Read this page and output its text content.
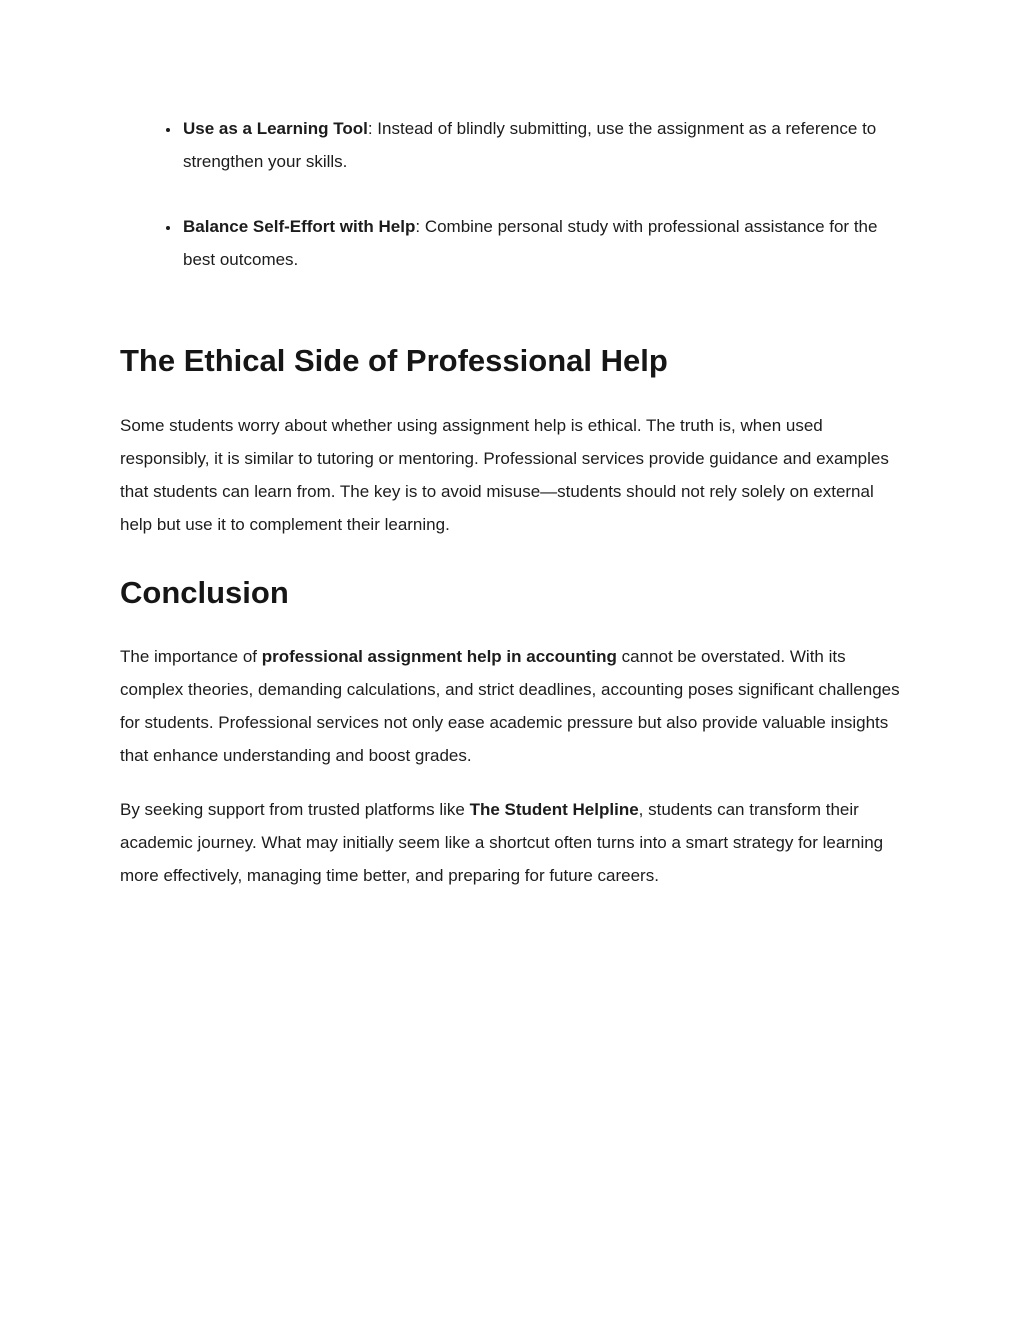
• Use as a Learning Tool: Instead of blindly submitting, use the assignment as a reference to strengthen your skills.
• Balance Self-Effort with Help: Combine personal study with professional assistance for the best outcomes.
The Ethical Side of Professional Help

Some students worry about whether using assignment help is ethical. The truth is, when used responsibly, it is similar to tutoring or mentoring. Professional services provide guidance and examples that students can learn from. The key is to avoid misuse—students should not rely solely on external help but use it to complement their learning.

Conclusion

The importance of professional assignment help in accounting cannot be overstated. With its complex theories, demanding calculations, and strict deadlines, accounting poses significant challenges for students. Professional services not only ease academic pressure but also provide valuable insights that enhance understanding and boost grades.

By seeking support from trusted platforms like The Student Helpline, students can transform their academic journey. What may initially seem like a shortcut often turns into a smart strategy for learning more effectively, managing time better, and preparing for future careers.
